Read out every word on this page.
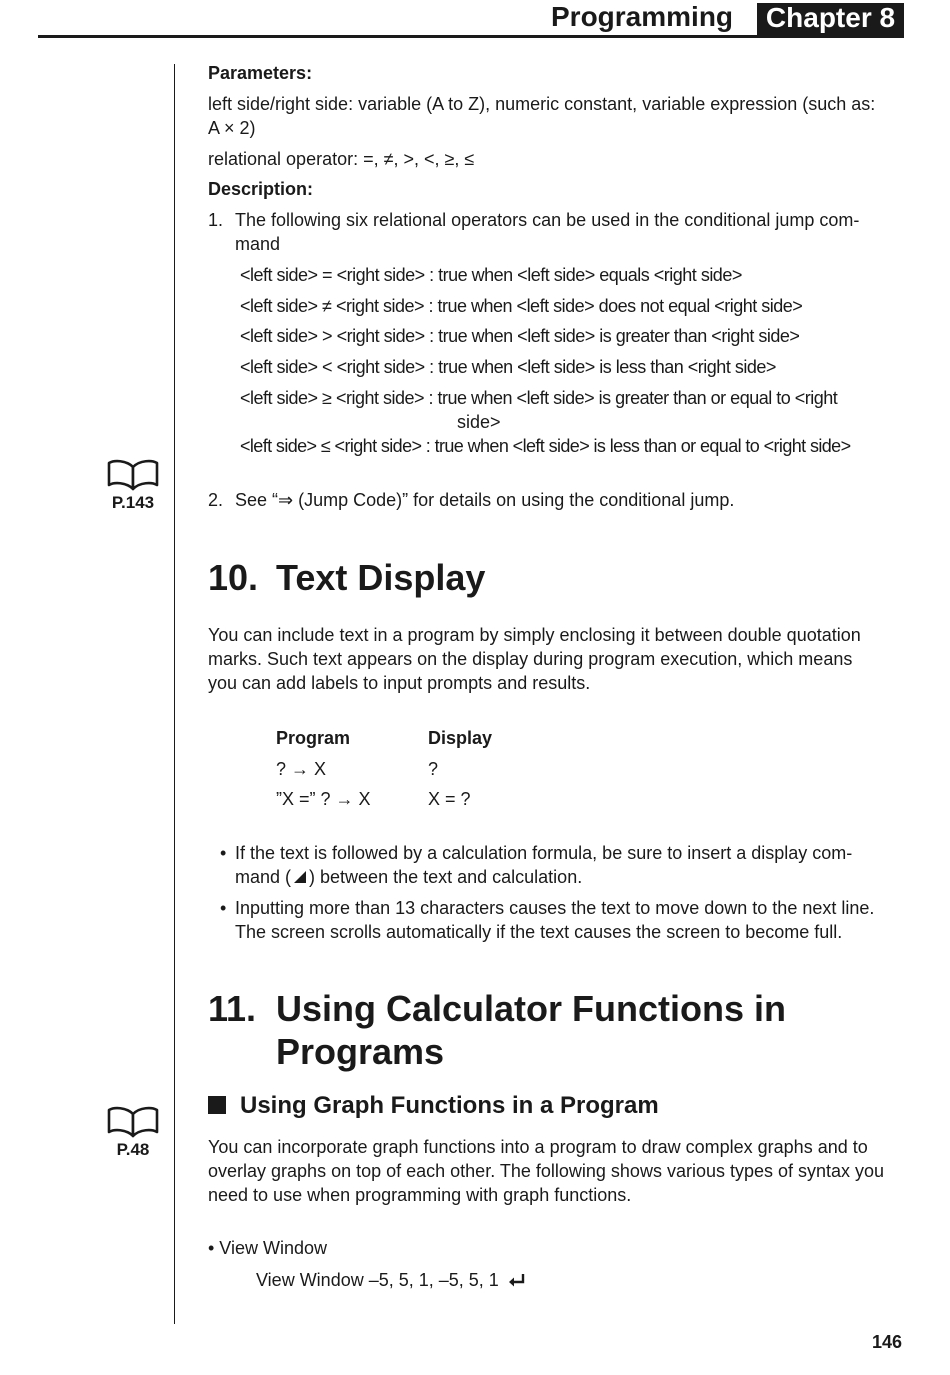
Programming	Chapter 8
P.143
P.48
Parameters:
left side/right side: variable (A to Z), numeric constant, variable expression (such as:
A × 2)
relational operator: =, ≠, >, <, ≥, ≤
Description:
1. The following six relational operators can be used in the conditional jump com-
mand
<left side> = <right side> : true when <left side> equals <right side>
<left side> ≠ <right side> : true when <left side> does not equal <right side>
<left side> > <right side> : true when <left side> is greater than <right side>
<left side> < <right side> : true when <left side> is less than <right side>
<left side> ≥ <right side> : true when <left side> is greater than or equal to <right
side>
<left side> ≤ <right side> : true when <left side> is less than or equal to <right side>
2. See “⇒ (Jump Code)” for details on using the conditional jump.
10. Text Display
You can include text in a program by simply enclosing it between double quotation
marks. Such text appears on the display during program execution, which means
you can add labels to input prompts and results.
Program	Display
? → X	?
”X =” ? → X	X = ?
• If the text is followed by a calculation formula, be sure to insert a display com-
mand ( ) between the text and calculation.
• Inputting more than 13 characters causes the text to move down to the next line.
The screen scrolls automatically if the text causes the screen to become full.
11. Using Calculator Functions in
Programs
Using Graph Functions in a Program
You can incorporate graph functions into a program to draw complex graphs and to
overlay graphs on top of each other. The following shows various types of syntax you
need to use when programming with graph functions.
• View Window
View Window –5, 5, 1, –5, 5, 1
146
